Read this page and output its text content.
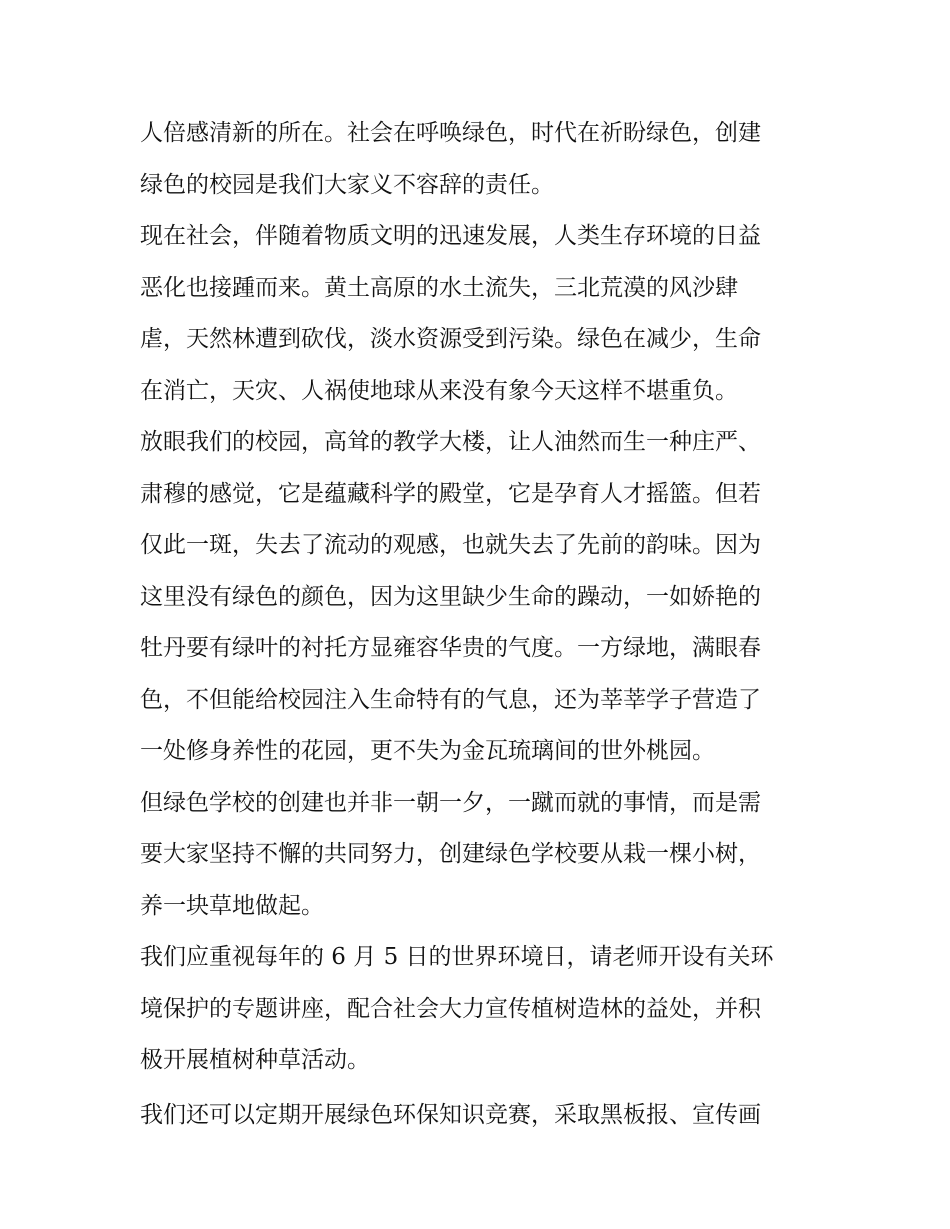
人倍感清新的所在。社会在呼唤绿色，时代在祈盼绿色，创建
绿色的校园是我们大家义不容辞的责任。
现在社会，伴随着物质文明的迅速发展，人类生存环境的日益
恶化也接踵而来。黄土高原的水土流失，三北荒漠的风沙肆
虐，天然林遭到砍伐，淡水资源受到污染。绿色在减少，生命
在消亡，天灾、人祸使地球从来没有象今天这样不堪重负。
放眼我们的校园，高耸的教学大楼，让人油然而生一种庄严、
肃穆的感觉，它是蕴藏科学的殿堂，它是孕育人才摇篮。但若
仅此一斑，失去了流动的观感，也就失去了先前的韵味。因为
这里没有绿色的颜色，因为这里缺少生命的躁动，一如娇艳的
牡丹要有绿叶的衬托方显雍容华贵的气度。一方绿地，满眼春
色，不但能给校园注入生命特有的气息，还为莘莘学子营造了
一处修身养性的花园，更不失为金瓦琉璃间的世外桃园。
但绿色学校的创建也并非一朝一夕，一蹴而就的事情，而是需
要大家坚持不懈的共同努力，创建绿色学校要从栽一棵小树，
养一块草地做起。
我们应重视每年的 6 月 5 日的世界环境日，请老师开设有关环
境保护的专题讲座，配合社会大力宣传植树造林的益处，并积
极开展植树种草活动。
我们还可以定期开展绿色环保知识竞赛，采取黑板报、宣传画
